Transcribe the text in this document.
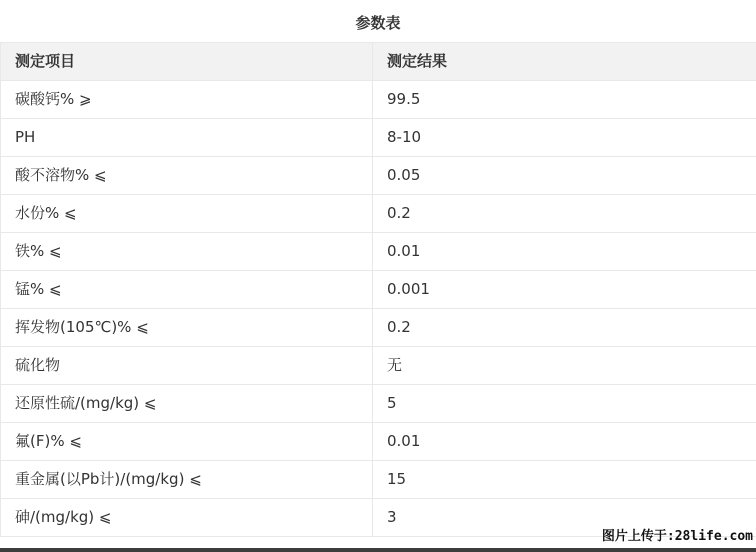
参数表
测定项目	测定结果
碳酸钙% ⩾	99.5
PH	8-10
酸不溶物% ⩽	0.05
水份% ⩽	0.2
铁% ⩽	0.01
锰% ⩽	0.001
挥发物(105℃)% ⩽	0.2
硫化物	无
还原性硫/(mg/kg) ⩽	5
氟(F)% ⩽	0.01
重金属(以Pb计)/(mg/kg) ⩽	15
砷/(mg/kg) ⩽	3
图片上传于:28life.com
